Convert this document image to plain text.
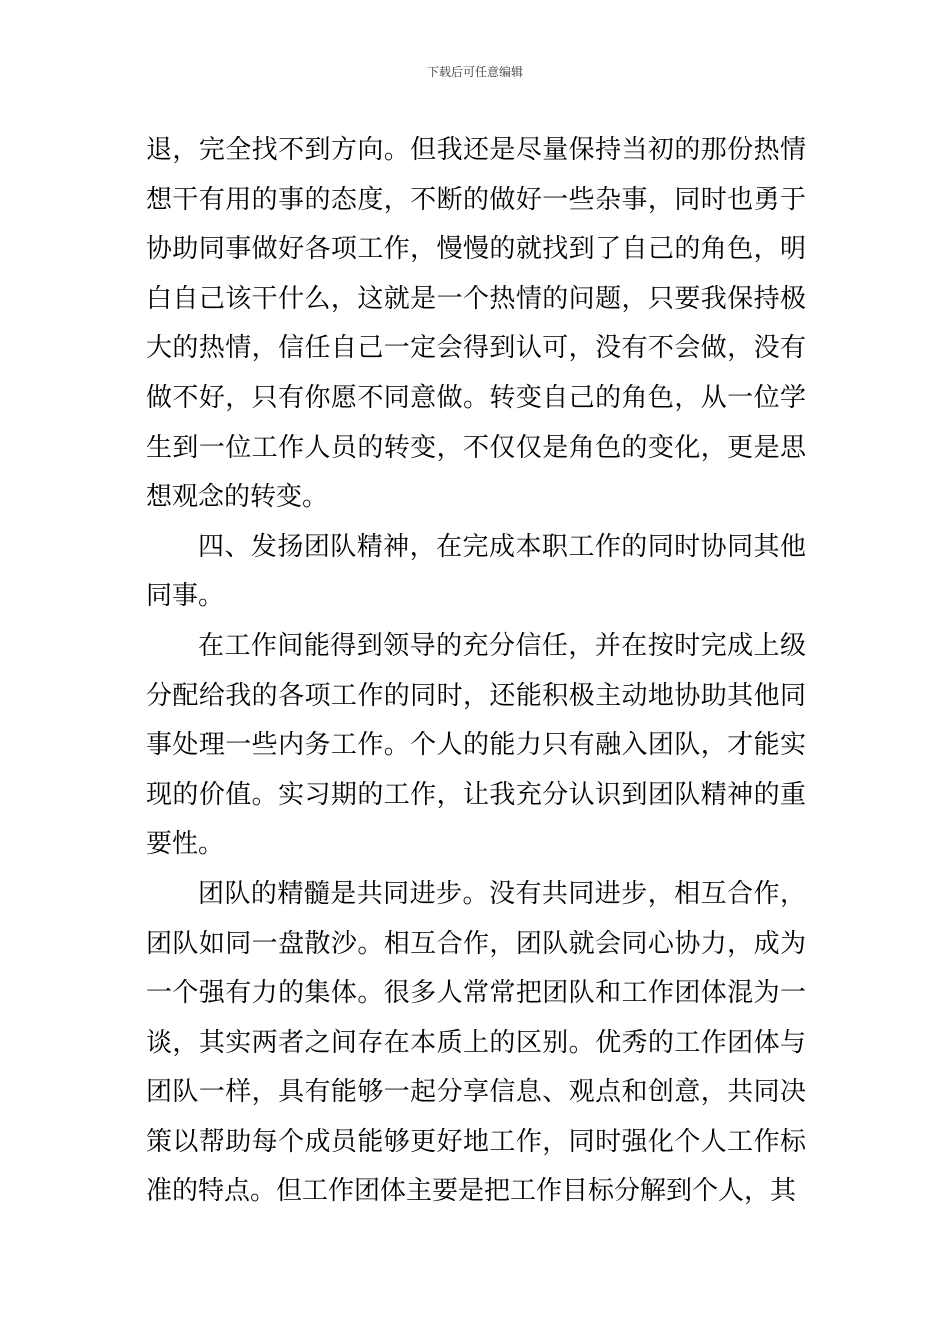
下载后可任意编辑

退，完全找不到方向。但我还是尽量保持当初的那份热情想干有用的事的态度，不断的做好一些杂事，同时也勇于协助同事做好各项工作，慢慢的就找到了自己的角色，明白自己该干什么，这就是一个热情的问题，只要我保持极大的热情，信任自己一定会得到认可，没有不会做，没有做不好，只有你愿不同意做。转变自己的角色，从一位学生到一位工作人员的转变，不仅仅是角色的变化，更是思想观念的转变。

四、发扬团队精神，在完成本职工作的同时协同其他同事。

在工作间能得到领导的充分信任，并在按时完成上级分配给我的各项工作的同时，还能积极主动地协助其他同事处理一些内务工作。个人的能力只有融入团队，才能实现的价值。实习期的工作，让我充分认识到团队精神的重要性。

团队的精髓是共同进步。没有共同进步，相互合作，团队如同一盘散沙。相互合作，团队就会同心协力，成为一个强有力的集体。很多人常常把团队和工作团体混为一谈，其实两者之间存在本质上的区别。优秀的工作团体与团队一样，具有能够一起分享信息、观点和创意，共同决策以帮助每个成员能够更好地工作，同时强化个人工作标准的特点。但工作团体主要是把工作目标分解到个人，其
